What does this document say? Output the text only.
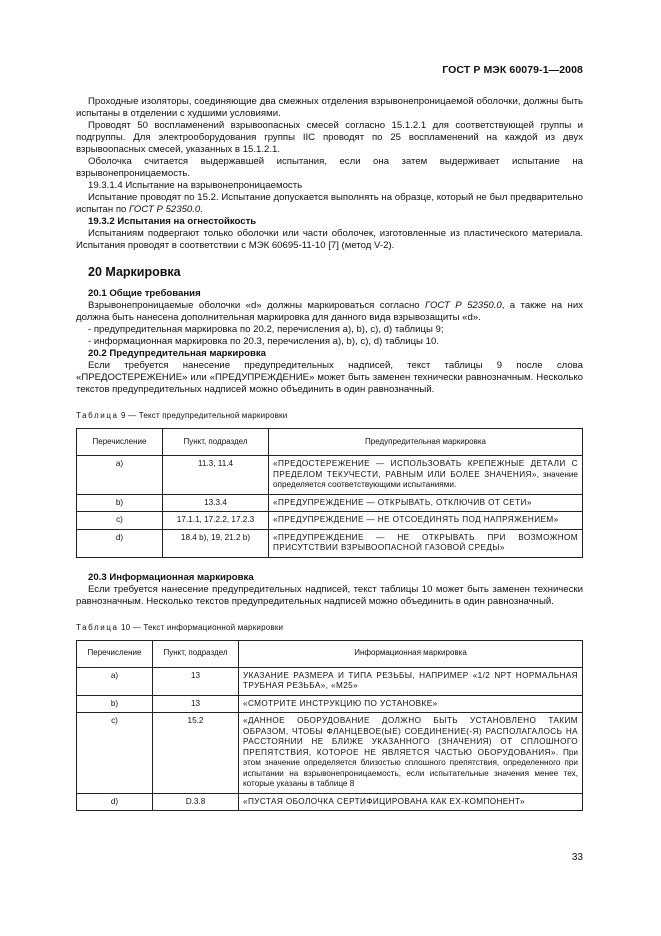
ГОСТ Р МЭК 60079-1—2008

Проходные изоляторы, соединяющие два смежных отделения взрывонепроницаемой оболочки, должны быть испытаны в отделении с худшими условиями.

Проводят 50 воспламенений взрывоопасных смесей согласно 15.1.2.1 для соответствующей группы и подгруппы. Для электрооборудования группы IIC проводят по 25 воспламенений на каждой из двух взрывоопасных смесей, указанных в 15.1.2.1.

Оболочка считается выдержавшей испытания, если она затем выдерживает испытание на взрывонепроницаемость.

19.3.1.4 Испытание на взрывонепроницаемость

Испытание проводят по 15.2. Испытание допускается выполнять на образце, который не был предварительно испытан по ГОСТ Р 52350.0.

19.3.2 Испытания на огнестойкость

Испытаниям подвергают только оболочки или части оболочек, изготовленные из пластического материала. Испытания проводят в соответствии с МЭК 60695-11-10 [7] (метод V-2).

20 Маркировка

20.1 Общие требования

Взрывонепроницаемые оболочки «d» должны маркироваться согласно ГОСТ Р 52350.0, а также на них должна быть нанесена дополнительная маркировка для данного вида взрывозащиты «d».

- предупредительная маркировка по 20.2, перечисления a), b), c), d) таблицы 9;

- информационная маркировка по 20.3, перечисления a), b), c), d) таблицы 10.

20.2 Предупредительная маркировка

Если требуется нанесение предупредительных надписей, текст таблицы 9 после слова «ПРЕДОСТЕРЕЖЕНИЕ» или «ПРЕДУПРЕЖДЕНИЕ» может быть заменен технически равнозначным. Несколько текстов предупредительных надписей можно объединить в один равнозначный.

Таблица 9 — Текст предупредительной маркировки

Перечисление	Пункт, подраздел	Предупредительная маркировка
a)	11.3, 11.4	«ПРЕДОСТЕРЕЖЕНИЕ — ИСПОЛЬЗОВАТЬ КРЕПЕЖНЫЕ ДЕТАЛИ С ПРЕДЕЛОМ ТЕКУЧЕСТИ, РАВНЫМ ИЛИ БОЛЕЕ ЗНАЧЕНИЯ», значение определяется соответствующими испытаниями.
b)	13.3.4	«ПРЕДУПРЕЖДЕНИЕ — ОТКРЫВАТЬ, ОТКЛЮЧИВ ОТ СЕТИ»
c)	17.1.1, 17.2.2, 17.2.3	«ПРЕДУПРЕЖДЕНИЕ — НЕ ОТСОЕДИНЯТЬ ПОД НАПРЯЖЕНИЕМ»
d)	18.4 b), 19, 21.2 b)	«ПРЕДУПРЕЖДЕНИЕ — НЕ ОТКРЫВАТЬ ПРИ ВОЗМОЖНОМ ПРИСУТСТВИИ ВЗРЫВООПАСНОЙ ГАЗОВОЙ СРЕДЫ»

20.3 Информационная маркировка

Если требуется нанесение предупредительных надписей, текст таблицы 10 может быть заменен технически равнозначным. Несколько текстов предупредительных надписей можно объединить в один равнозначный.

Таблица 10 — Текст информационной маркировки

Перечисление	Пункт, подраздел	Информационная маркировка
a)	13	УКАЗАНИЕ РАЗМЕРА И ТИПА РЕЗЬБЫ, НАПРИМЕР «1/2 NPT НОРМАЛЬНАЯ ТРУБНАЯ РЕЗЬБА», «М25»
b)	13	«СМОТРИТЕ ИНСТРУКЦИЮ ПО УСТАНОВКЕ»
c)	15.2	«ДАННОЕ ОБОРУДОВАНИЕ ДОЛЖНО БЫТЬ УСТАНОВЛЕНО ТАКИМ ОБРАЗОМ, ЧТОБЫ ФЛАНЦЕВОЕ(ЫЕ) СОЕДИНЕНИЕ(-Я) РАСПОЛАГАЛОСЬ НА РАССТОЯНИИ НЕ БЛИЖЕ УКАЗАННОГО (ЗНАЧЕНИЯ) ОТ СПЛОШНОГО ПРЕПЯТСТВИЯ, КОТОРОЕ НЕ ЯВЛЯЕТСЯ ЧАСТЬЮ ОБОРУДОВАНИЯ». При этом значение определяется близостью сплошного препятствия, определенного при испытании на взрывонепроницаемость, если испытательные значения менее тех, которые указаны в таблице 8
d)	D.3.8	«ПУСТАЯ ОБОЛОЧКА СЕРТИФИЦИРОВАНА КАК EX-КОМПОНЕНТ»
33
